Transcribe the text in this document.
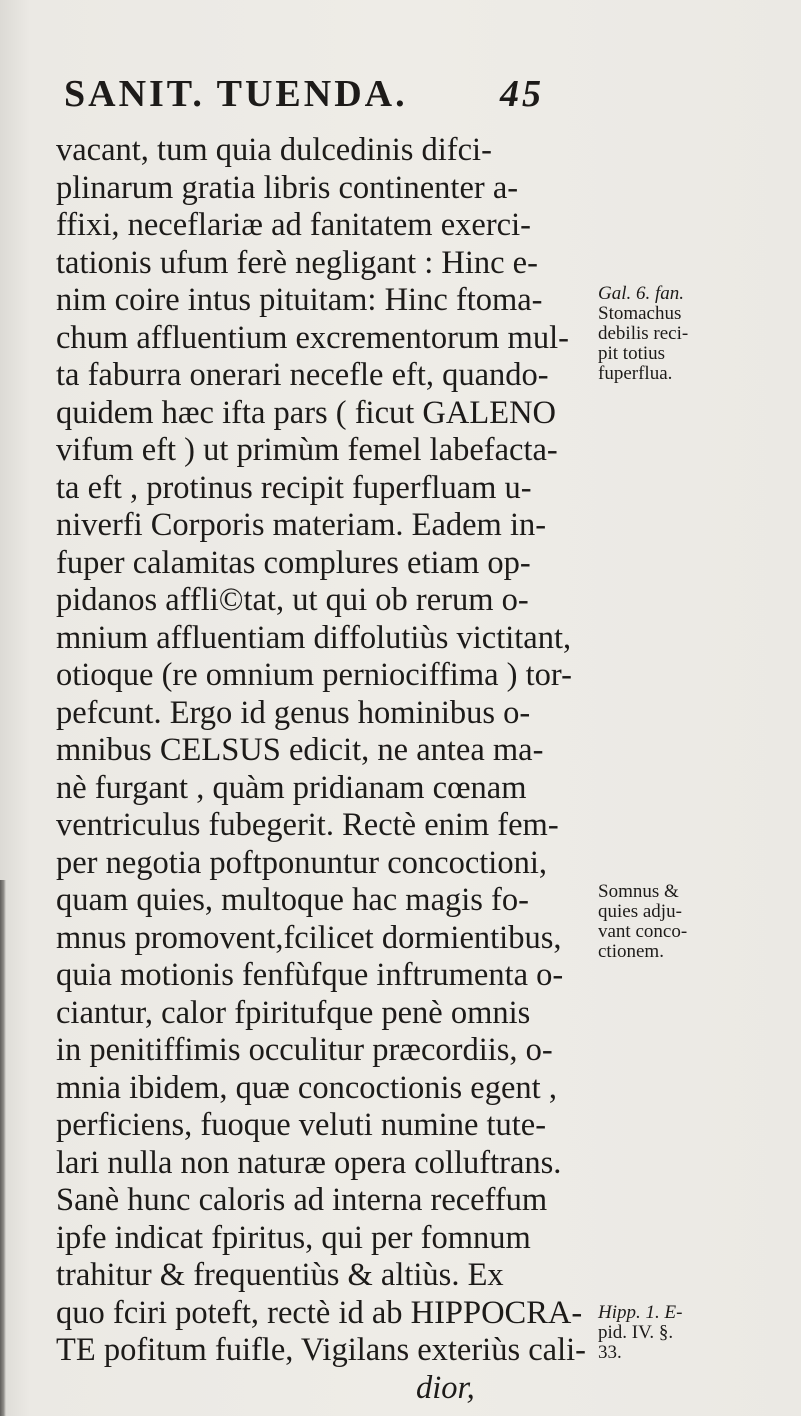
SANIT. TUENDA. 45
vacant, tum quia dulcedinis difci-
plinarum gratia libris continenter a-
ffixi, neceflariæ ad fanitatem exerci-
tationis ufum ferè negligant : Hinc e-
nim coire intus pituitam: Hinc ftoma-
chum affluentium excrementorum mul-
ta faburra onerari necefle eft, quando-
quidem hæc ifta pars ( ficut GALENO
vifum eft ) ut primùm femel labefacta-
ta eft , protinus recipit fuperfluam u-
niverfi Corporis materiam. Eadem in-
fuper calamitas complures etiam op-
pidanos affli©tat, ut qui ob rerum o-
mnium affluentiam diffolutiùs victitant,
otioque (re omnium perniociffima ) tor-
pefcunt. Ergo id genus hominibus o-
mnibus CELSUS edicit, ne antea ma-
nè furgant , quàm pridianam cœnam
ventriculus fubegerit. Rectè enim fem-
per negotia poftponuntur concoctioni,
quam quies, multoque hac magis fo-
mnus promovent,fcilicet dormientibus,
quia motionis fenfùfque inftrumenta o-
ciantur, calor fpiritufque penè omnis
in penitiffimis occulitur præcordiis, o-
mnia ibidem, quæ concoctionis egent ,
perficiens, fuoque veluti numine tute-
lari nulla non naturæ opera colluftrans.
Sanè hunc caloris ad interna receffum
ipfe indicat fpiritus, qui per fomnum
trahitur & frequentiùs & altiùs. Ex
quo fciri poteft, rectè id ab HIPPOCRA-
TE pofitum fuifle, Vigilans exteriùs cali-
dior,
Gal. 6. fan.
Stomachus
debilis reci-
pit totius
fuperflua.
Somnus &
quies adju-
vant conco-
ctionem.
Hipp. 1. E-
pid. IV. §.
33.
